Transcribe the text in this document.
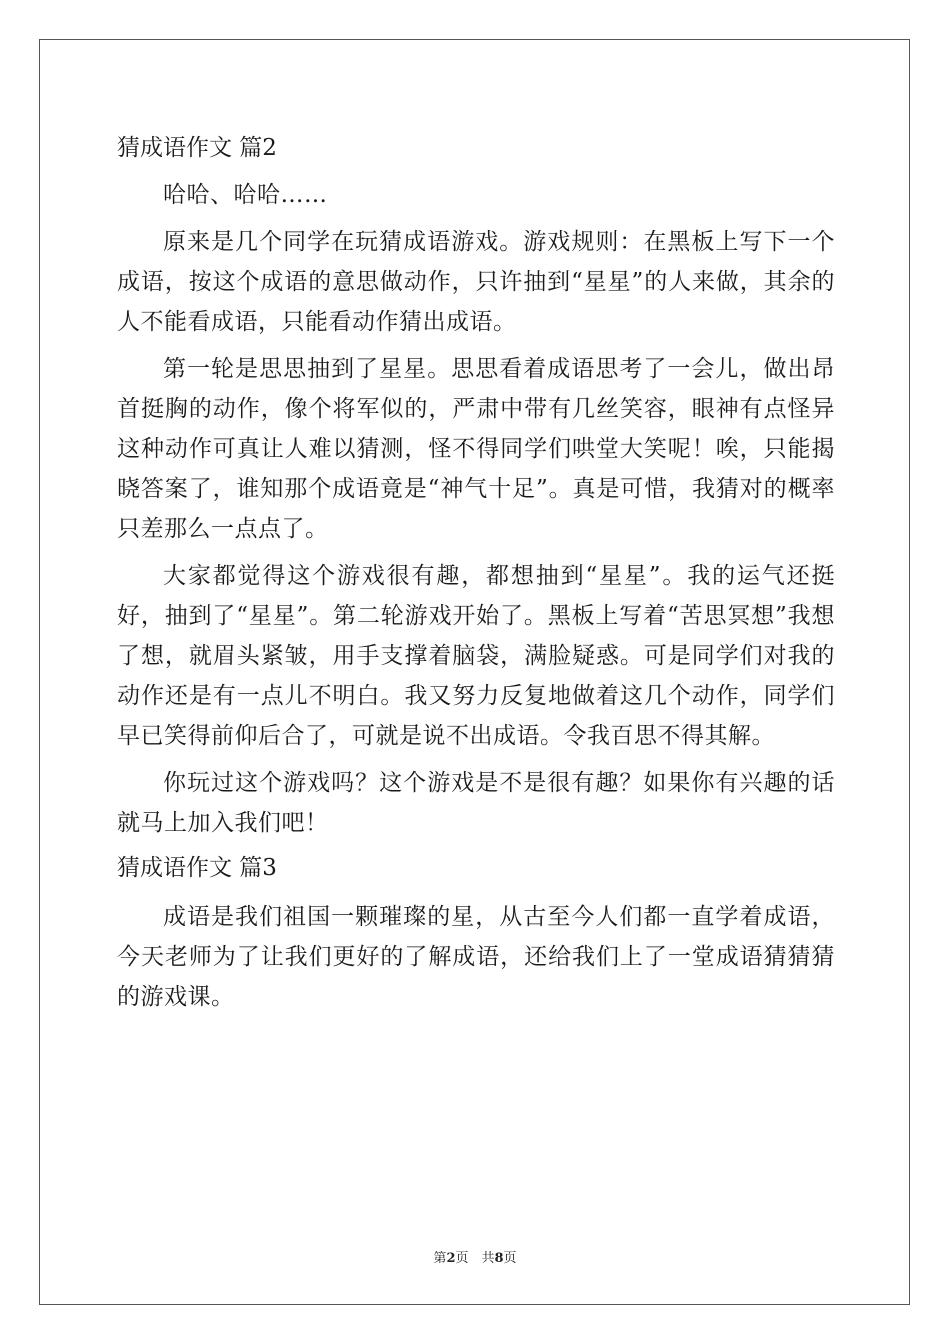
猜成语作文 篇2

哈哈、哈哈……

原来是几个同学在玩猜成语游戏。游戏规则：在黑板上写下一个成语，按这个成语的意思做动作，只许抽到“星星”的人来做，其余的人不能看成语，只能看动作猜出成语。

第一轮是思思抽到了星星。思思看着成语思考了一会儿，做出昂首挺胸的动作，像个将军似的，严肃中带有几丝笑容，眼神有点怪异这种动作可真让人难以猜测，怪不得同学们哄堂大笑呢！唉，只能揭晓答案了，谁知那个成语竟是“神气十足”。真是可惜，我猜对的概率只差那么一点点了。

大家都觉得这个游戏很有趣，都想抽到“星星”。我的运气还挺好，抽到了“星星”。第二轮游戏开始了。黑板上写着“苦思冥想”我想了想，就眉头紧皱，用手支撑着脑袋，满脸疑惑。可是同学们对我的动作还是有一点儿不明白。我又努力反复地做着这几个动作，同学们早已笑得前仰后合了，可就是说不出成语。令我百思不得其解。

你玩过这个游戏吗？这个游戏是不是很有趣？如果你有兴趣的话就马上加入我们吧！

猜成语作文 篇3

成语是我们祖国一颗璀璨的星，从古至今人们都一直学着成语，今天老师为了让我们更好的了解成语，还给我们上了一堂成语猜猜猜的游戏课。

第2页　共8页
